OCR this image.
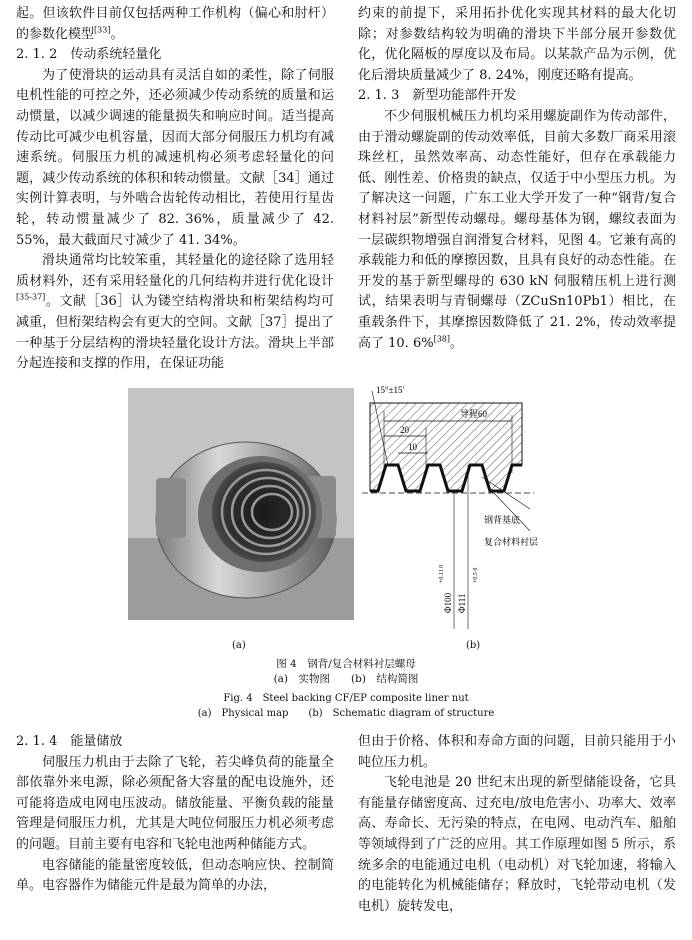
起。但该软件目前仅包括两种工作机构（偏心和肘杆）的参数化模型[33]。

2. 1. 2　传动系统轻量化

为了使滑块的运动具有灵活自如的柔性，除了伺服电机性能的可控之外，还必须减少传动系统的质量和运动惯量，以减少调速的能量损失和响应时间。适当提高传动比可减少电机容量，因而大部分伺服压力机均有减速系统。伺服压力机的减速机构必须考虑轻量化的问题，减少传动系统的体积和转动惯量。文献［34］通过实例计算表明，与外啮合齿轮传动相比，若使用行星齿轮，转动惯量减少了 82. 36%，质量减少了 42. 55%，最大截面尺寸减少了 41. 34%。

滑块通常均比较笨重，其轻量化的途径除了选用轻质材料外，还有采用轻量化的几何结构并进行优化设计[35-37]。文献［36］认为镂空结构滑块和桁架结构均可减重，但桁架结构会有更大的空间。文献［37］提出了一种基于分层结构的滑块轻量化设计方法。滑块上半部分起连接和支撑的作用，在保证功能

约束的前提下，采用拓扑优化实现其材料的最大化切除；对参数结构较为明确的滑块下半部分展开参数优化，优化隔板的厚度以及布局。以某款产品为示例，优化后滑块质量减少了 8. 24%，刚度还略有提高。

2. 1. 3　新型功能部件开发

不少伺服机械压力机均采用螺旋副作为传动部件，由于滑动螺旋副的传动效率低，目前大多数厂商采用滚珠丝杠，虽然效率高、动态性能好，但存在承载能力低、刚性差、价格贵的缺点，仅适于中小型压力机。为了解决这一问题，广东工业大学开发了一种“钢背/复合材料衬层”新型传动螺母。螺母基体为钢，螺纹表面为一层碳织物增强自润滑复合材料，见图 4。它兼有高的承载能力和低的摩擦因数，且具有良好的动态性能。在开发的基于新型螺母的 630 kN 伺服精压机上进行测试，结果表明与青铜螺母（ZCuSn10Pb1）相比，在重载条件下，其摩擦因数降低了 21. 2%，传动效率提高了 10. 6%[38]。

15°±15′
导程60
20
10
钢背基底
复合材料衬层
Φ100
+0.11 0
Φ111
+0.5 0
(a)	(b)
图 4　钢背/复合材料衬层螺母
(a)　实物图　　(b)　结构简图
Fig. 4　Steel backing CF/EP composite liner nut
(a)　Physical map　　(b)　Schematic diagram of structure

2. 1. 4　能量储放

伺服压力机由于去除了飞轮，若尖峰负荷的能量全部依靠外来电源，除必须配备大容量的配电设施外，还可能将造成电网电压波动。储放能量、平衡负载的能量管理是伺服压力机，尤其是大吨位伺服压力机必须考虑的问题。目前主要有电容和飞轮电池两种储能方式。

电容储能的能量密度较低，但动态响应快、控制简单。电容器作为储能元件是最为简单的办法，

但由于价格、体积和寿命方面的问题，目前只能用于小吨位压力机。

飞轮电池是 20 世纪末出现的新型储能设备，它具有能量存储密度高、过充电/放电危害小、功率大、效率高、寿命长、无污染的特点，在电网、电动汽车、船舶等领域得到了广泛的应用。其工作原理如图 5 所示，系统多余的电能通过电机（电动机）对飞轮加速，将输入的电能转化为机械能储存；释放时，飞轮带动电机（发电机）旋转发电，
